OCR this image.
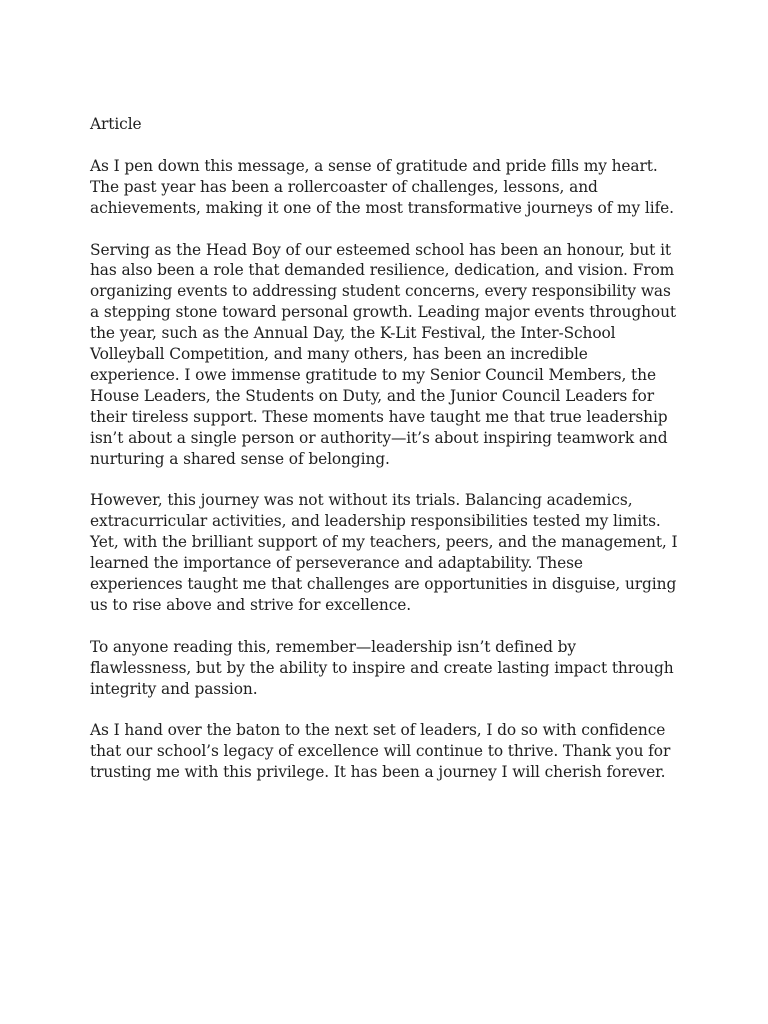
Article

As I pen down this message, a sense of gratitude and pride fills my heart.
The past year has been a rollercoaster of challenges, lessons, and
achievements, making it one of the most transformative journeys of my life.

Serving as the Head Boy of our esteemed school has been an honour, but it
has also been a role that demanded resilience, dedication, and vision. From
organizing events to addressing student concerns, every responsibility was
a stepping stone toward personal growth. Leading major events throughout
the year, such as the Annual Day, the K-Lit Festival, the Inter-School
Volleyball Competition, and many others, has been an incredible
experience. I owe immense gratitude to my Senior Council Members, the
House Leaders, the Students on Duty, and the Junior Council Leaders for
their tireless support. These moments have taught me that true leadership
isn’t about a single person or authority—it’s about inspiring teamwork and
nurturing a shared sense of belonging.

However, this journey was not without its trials. Balancing academics,
extracurricular activities, and leadership responsibilities tested my limits.
Yet, with the brilliant support of my teachers, peers, and the management, I
learned the importance of perseverance and adaptability. These
experiences taught me that challenges are opportunities in disguise, urging
us to rise above and strive for excellence.

To anyone reading this, remember—leadership isn’t defined by
flawlessness, but by the ability to inspire and create lasting impact through
integrity and passion.

As I hand over the baton to the next set of leaders, I do so with confidence
that our school’s legacy of excellence will continue to thrive. Thank you for
trusting me with this privilege. It has been a journey I will cherish forever.
